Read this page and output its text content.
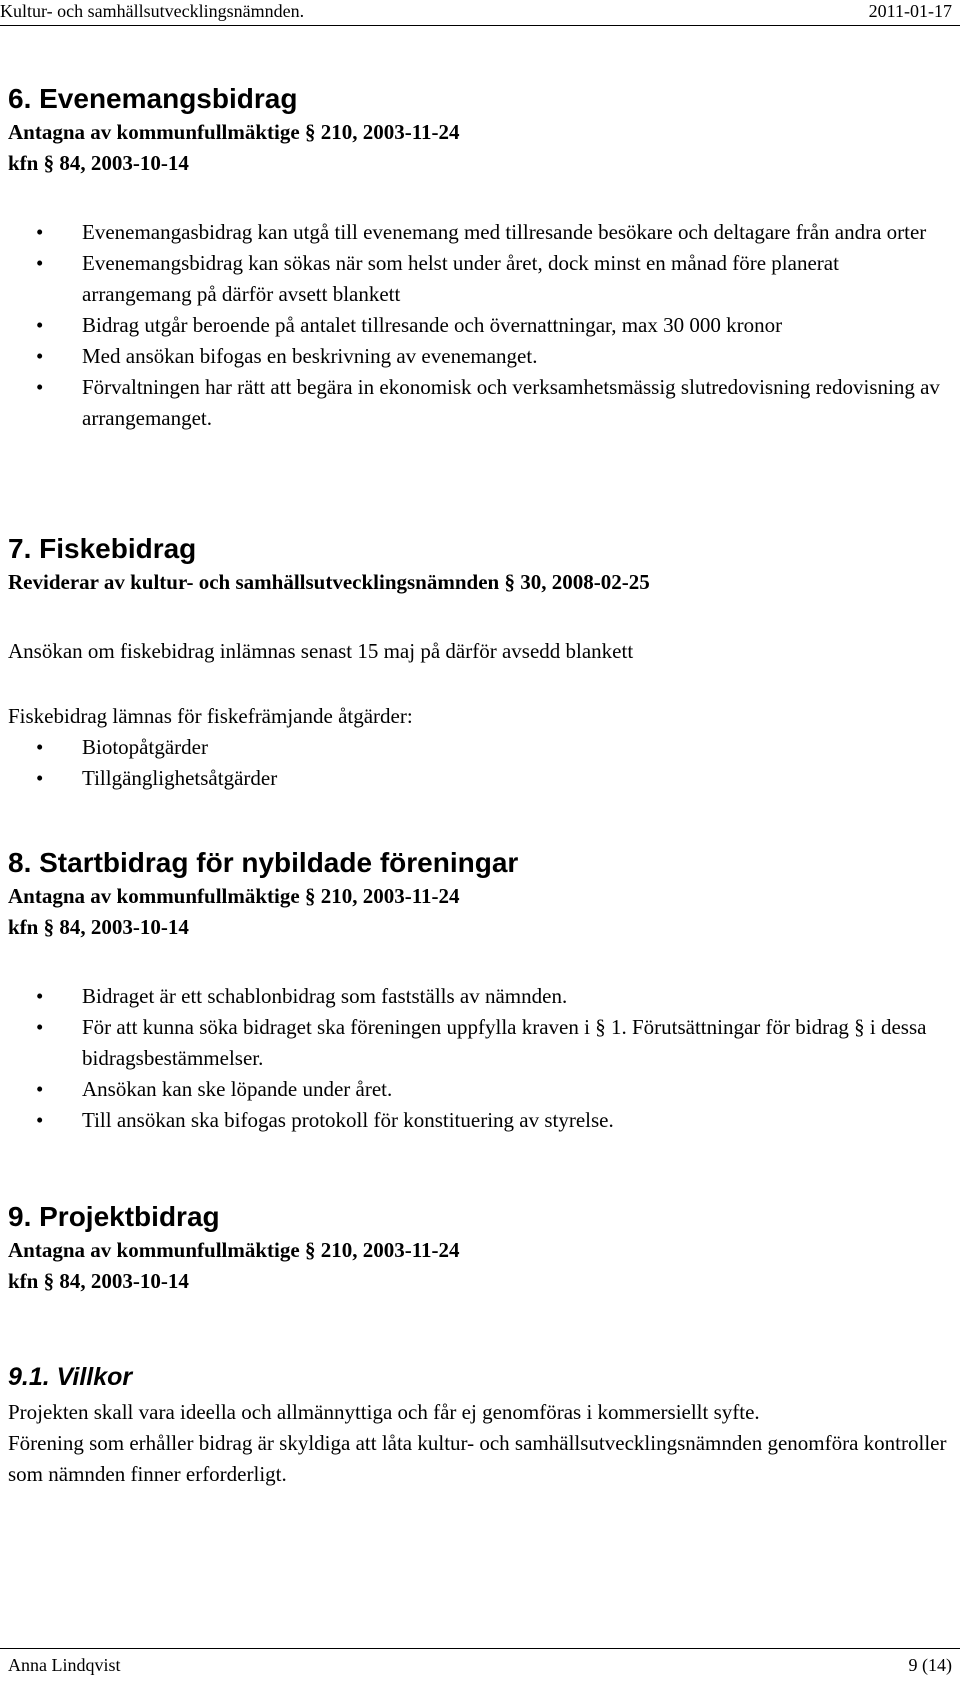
Kultur- och samhällsutvecklingsnämnden.	2011-01-17
6. Evenemangsbidrag
Antagna av kommunfullmäktige § 210, 2003-11-24
kfn § 84, 2003-10-14
• Evenemangasbidrag kan utgå till evenemang med tillresande besökare och deltagare från andra orter
• Evenemangsbidrag kan sökas när som helst under året, dock minst en månad före planerat arrangemang på därför avsett blankett
• Bidrag utgår beroende på antalet tillresande och övernattningar, max 30 000 kronor
• Med ansökan bifogas en beskrivning av evenemanget.
• Förvaltningen har rätt att begära in ekonomisk och verksamhetsmässig slutredovisning redovisning av arrangemanget.
7. Fiskebidrag
Reviderar av kultur- och samhällsutvecklingsnämnden § 30, 2008-02-25
Ansökan om fiskebidrag inlämnas senast 15 maj på därför avsedd blankett
Fiskebidrag lämnas för fiskefrämjande åtgärder:
• Biotopåtgärder
• Tillgänglighetsåtgärder
8. Startbidrag för nybildade föreningar
Antagna av kommunfullmäktige § 210, 2003-11-24
kfn § 84, 2003-10-14
• Bidraget är ett schablonbidrag som fastställs av nämnden.
• För att kunna söka bidraget ska föreningen uppfylla kraven i § 1. Förutsättningar för bidrag § i dessa bidragsbestämmelser.
• Ansökan kan ske löpande under året.
• Till ansökan ska bifogas protokoll för konstituering av styrelse.
9. Projektbidrag
Antagna av kommunfullmäktige § 210, 2003-11-24
kfn § 84, 2003-10-14
9.1. Villkor
Projekten skall vara ideella och allmännyttiga och får ej genomföras i kommersiellt syfte.
Förening som erhåller bidrag är skyldiga att låta kultur- och samhällsutvecklingsnämnden genomföra kontroller som nämnden finner erforderligt.
Anna Lindqvist	9 (14)
